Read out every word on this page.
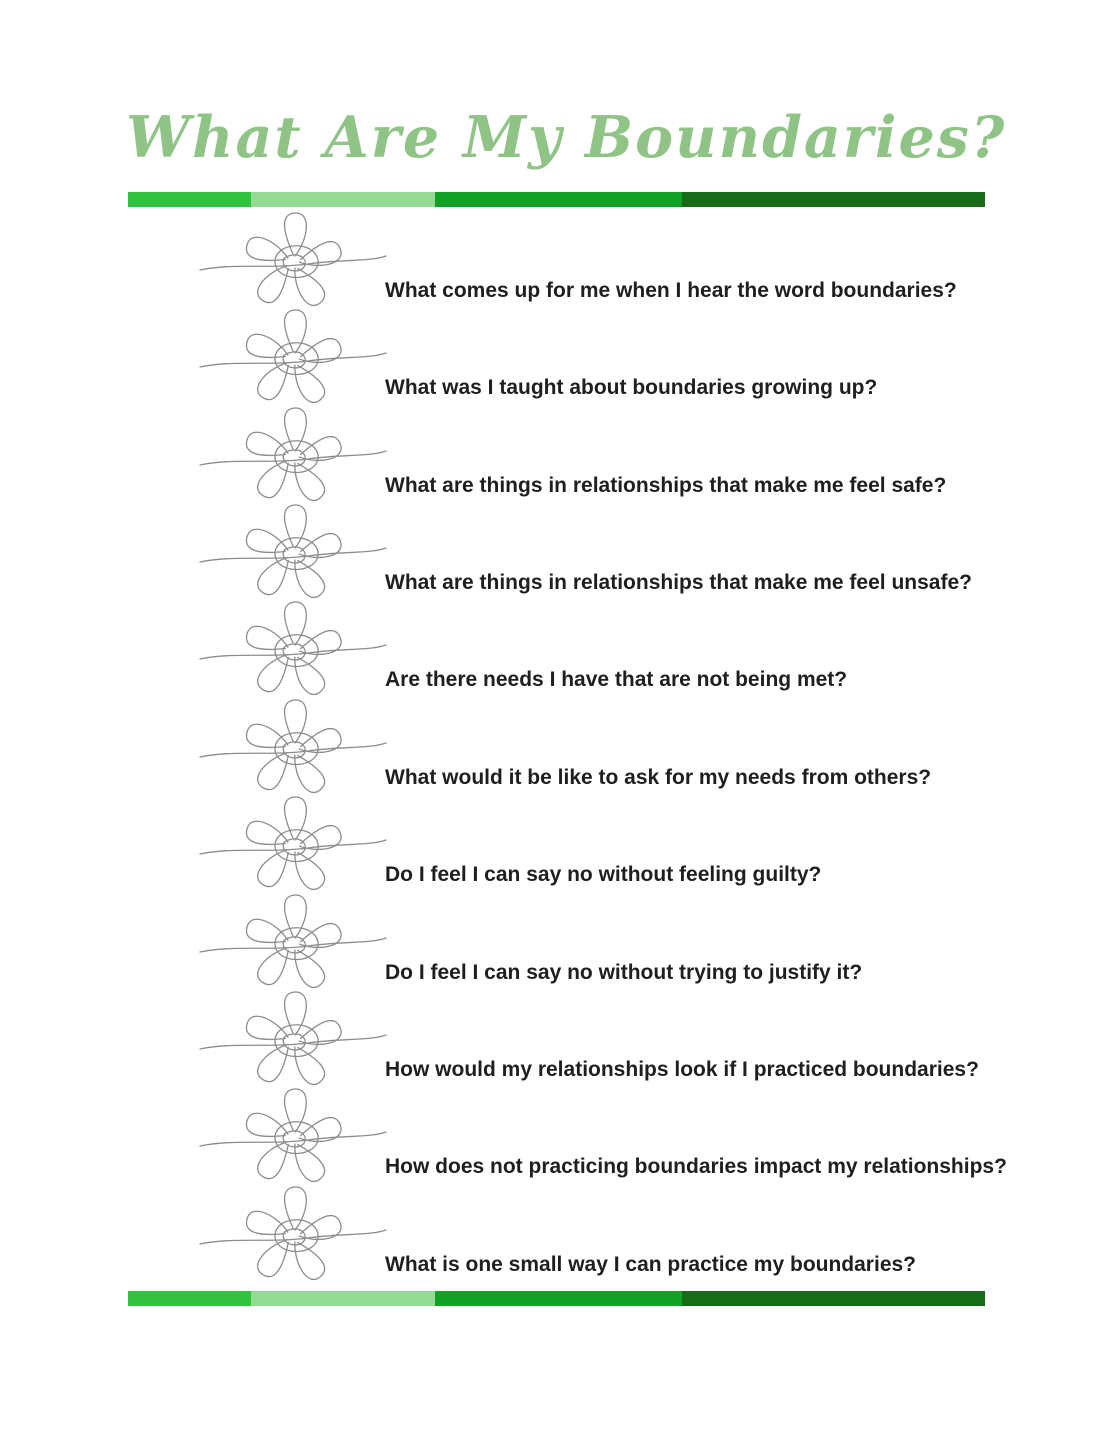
What Are My Boundaries?
What comes up for me when I hear the word boundaries?
What was I taught about boundaries growing up?
What are things in relationships that make me feel safe?
What are things in relationships that make me feel unsafe?
Are there needs I have that are not being met?
What would it be like to ask for my needs from others?
Do I feel I can say no without feeling guilty?
Do I feel I can say no without trying to justify it?
How would my relationships look if I practiced boundaries?
How does not practicing boundaries impact my relationships?
What is one small way I can practice my boundaries?
